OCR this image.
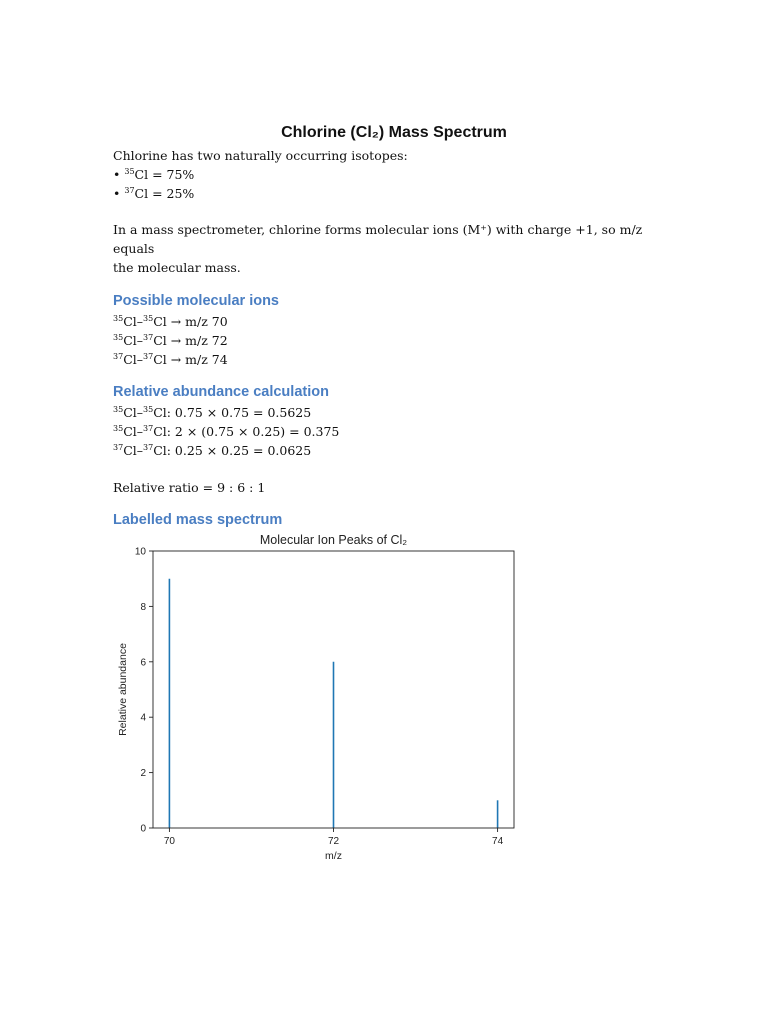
Chlorine (Cl₂) Mass Spectrum

Chlorine has two naturally occurring isotopes:

• $^{35}$Cl = 75%
• $^{37}$Cl = 25%

In a mass spectrometer, chlorine forms molecular ions (M⁺) with charge +1, so m/z equals

the molecular mass.

Possible molecular ions
$^{35}$Cl–$^{35}$Cl → m/z 70
$^{35}$Cl–$^{37}$Cl → m/z 72
$^{37}$Cl–$^{37}$Cl → m/z 74
Relative abundance calculation
$^{35}$Cl–$^{35}$Cl: 0.75 × 0.75 = 0.5625
$^{35}$Cl–$^{37}$Cl: 2 × (0.75 × 0.25) = 0.375
$^{37}$Cl–$^{37}$Cl: 0.25 × 0.25 = 0.0625

Relative ratio = 9 : 6 : 1

Labelled mass spectrum
Molecular Ion Peaks of Cl₂
0
2
4
6
8
10
70	72	74
m/z
Relative abundance
